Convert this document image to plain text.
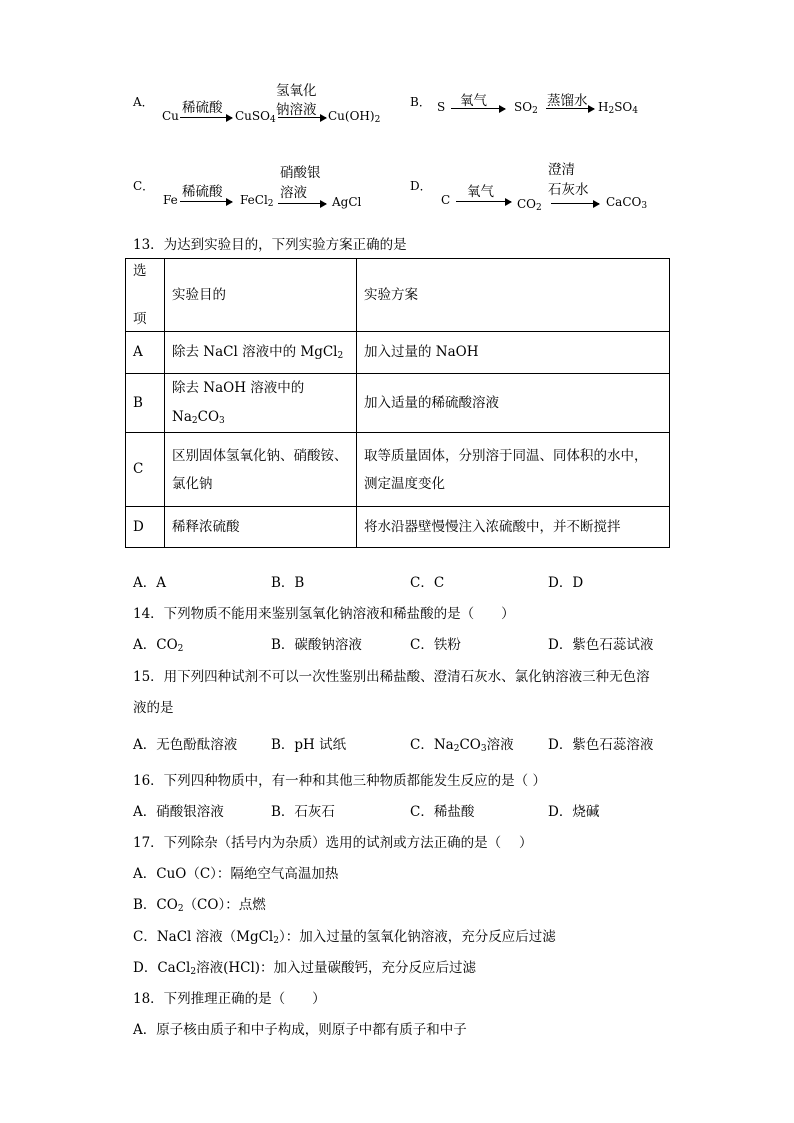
A．
Cu 稀硫酸 → CuSO$_4$
氢氧化
钠溶液 → $Cu(OH)_2$
B． S 氧气 $SO_2$
蒸馏水 → $H_2SO_4$
C．
Fe 稀硫酸 → FeCl$_2$
硝酸银
溶液
→ AgCl
D．
C 氧气
$CO_2$
澄清
石灰水
→ CaCO$_3$
13．为达到实验目的，下列实验方案正确的是
选

项	实验目的	实验方案
A	除去 NaCl 溶液中的 MgCl$_2$	加入过量的 NaOH
B	除去 NaOH 溶液中的 $Na_2CO_3$	加入适量的稀硫酸溶液
C	区别固体氢氧化钠、硝酸铵、
氯化钠	取等质量固体，分别溶于同温、同体积的水中，
测定温度变化
D	稀释浓硫酸	将水沿器壁慢慢注入浓硫酸中，并不断搅拌
A．A	B．B	C．C	D．D
14．下列物质不能用来鉴别氢氧化钠溶液和稀盐酸的是（　　）
A．$CO_2$	B．碳酸钠溶液	C．铁粉	D．紫色石蕊试液
15．用下列四种试剂不可以一次性鉴别出稀盐酸、澄清石灰水、氯化钠溶液三种无色溶
液的是
A．无色酚酞溶液	B．pH 试纸	C．$Na_2CO_3$溶液	D．紫色石蕊溶液
16．下列四种物质中，有一种和其他三种物质都能发生反应的是（ ）
A．硝酸银溶液	B．石灰石	C．稀盐酸	D．烧碱
17．下列除杂（括号内为杂质）选用的试剂或方法正确的是（　 ）
A．CuO（C）：隔绝空气高温加热
B．$CO_2(CO)$：点燃
C．NaCl 溶液（MgCl$_2$）：加入过量的氢氧化钠溶液，充分反应后过滤
D．CaCl$_2$溶液(HCl)：加入过量碳酸钙，充分反应后过滤
18．下列推理正确的是（　　）
A．原子核由质子和中子构成，则原子中都有质子和中子
